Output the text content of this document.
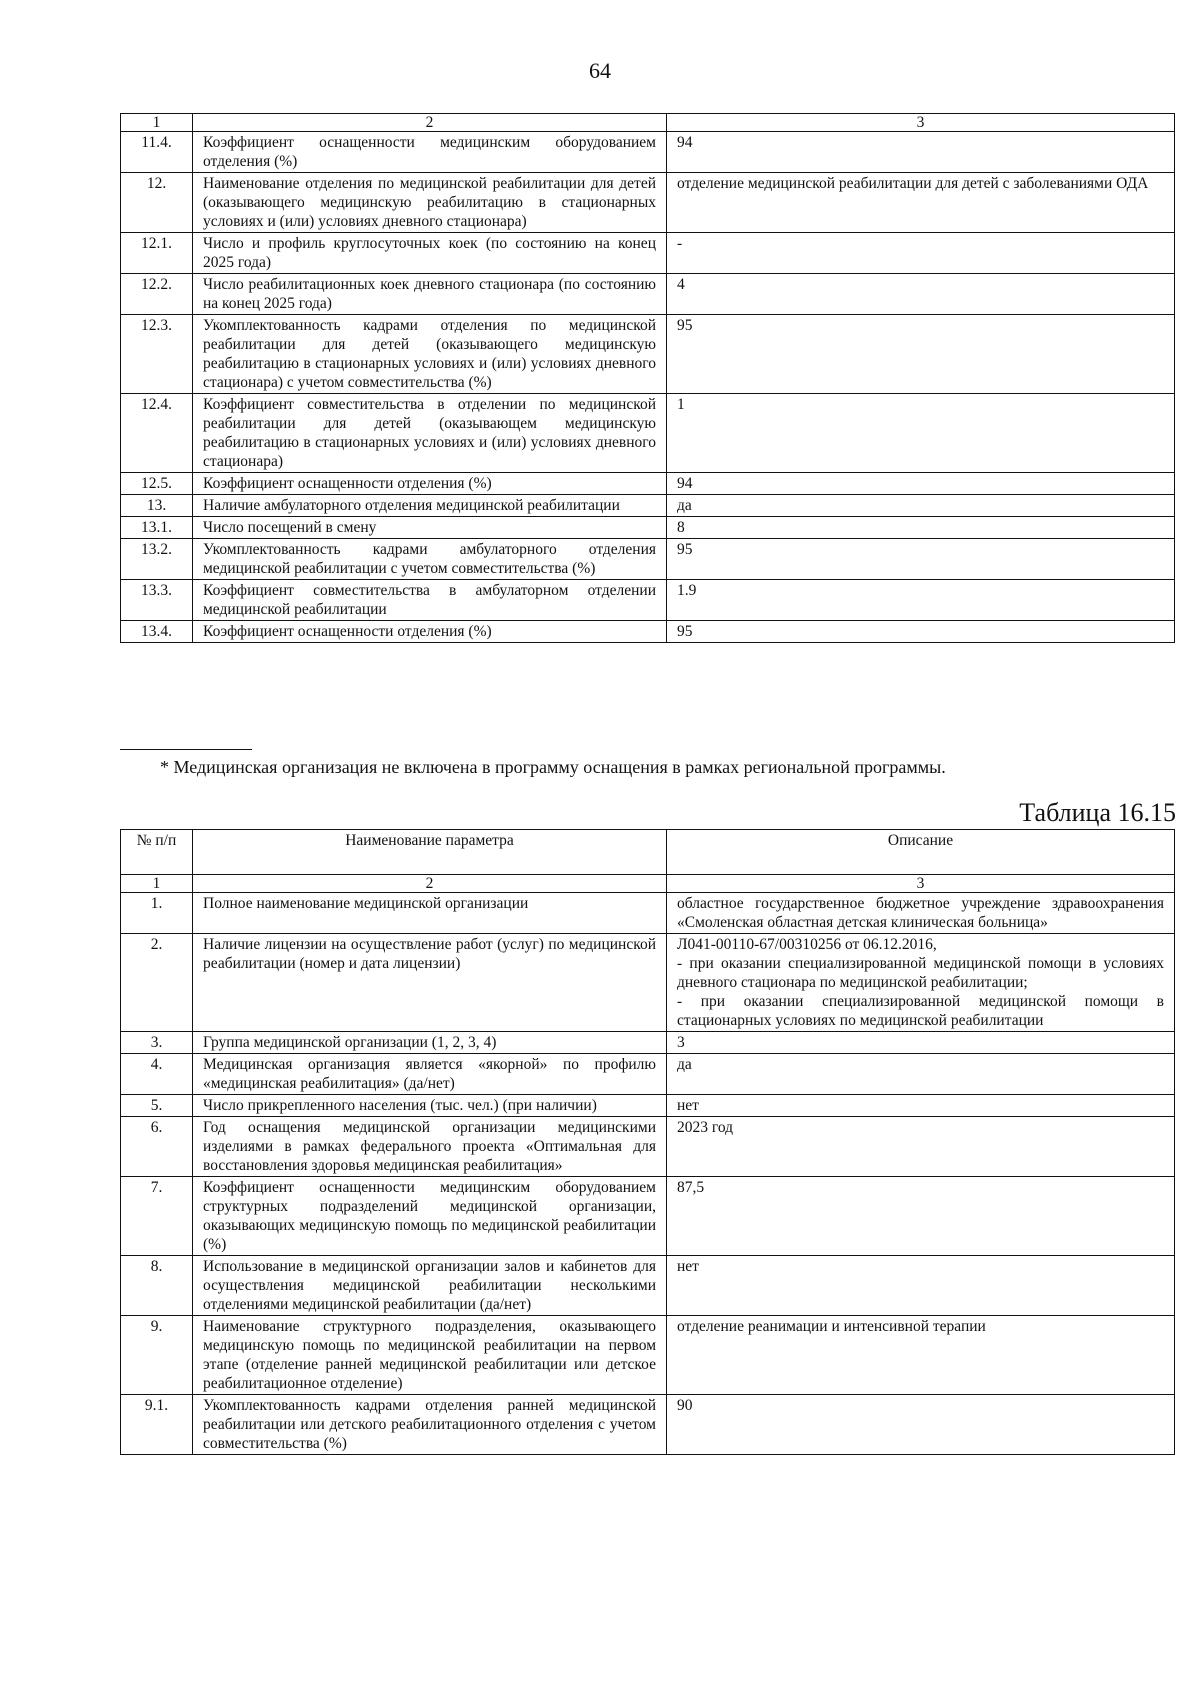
64
1	2	3
11.4.	Коэффициент оснащенности медицинским оборудованием отделения (%)	94
12.	Наименование отделения по медицинской реабилитации для детей (оказывающего медицинскую реабилитацию в стационарных условиях и (или) условиях дневного стационара)	отделение медицинской реабилитации для детей с заболеваниями ОДА
12.1.	Число и профиль круглосуточных коек (по состоянию на конец 2025 года)	-
12.2.	Число реабилитационных коек дневного стационара (по состоянию на конец 2025 года)	4
12.3.	Укомплектованность кадрами отделения по медицинской реабилитации для детей (оказывающего медицинскую реабилитацию в стационарных условиях и (или) условиях дневного стационара) с учетом совместительства (%)	95
12.4.	Коэффициент совместительства в отделении по медицинской реабилитации для детей (оказывающем медицинскую реабилитацию в стационарных условиях и (или) условиях дневного стационара)	1
12.5.	Коэффициент оснащенности отделения (%)	94
13.	Наличие амбулаторного отделения медицинской реабилитации	да
13.1.	Число посещений в смену	8
13.2.	Укомплектованность кадрами амбулаторного отделения медицинской реабилитации с учетом совместительства (%)	95
13.3.	Коэффициент совместительства в амбулаторном отделении медицинской реабилитации	1.9
13.4.	Коэффициент оснащенности отделения (%)	95
* Медицинская организация не включена в программу оснащения в рамках региональной программы.
Таблица 16.15
№ п/п	Наименование параметра	Описание
1	2	3
1.	Полное наименование медицинской организации	областное государственное бюджетное учреждение здравоохранения «Смоленская областная детская клиническая больница»
2.	Наличие лицензии на осуществление работ (услуг) по медицинской реабилитации (номер и дата лицензии)	Л041-00110-67/00310256 от 06.12.2016,
- при оказании специализированной медицинской помощи в условиях дневного стационара по медицинской реабилитации;
- при оказании специализированной медицинской помощи в стационарных условиях по медицинской реабилитации

3.	Группа медицинской организации (1, 2, 3, 4)	3
4.	Медицинская организация является «якорной» по профилю «медицинская реабилитация» (да/нет)	да
5.	Число прикрепленного населения (тыс. чел.) (при наличии)	нет
6.	Год оснащения медицинской организации медицинскими изделиями в рамках федерального проекта «Оптимальная для восстановления здоровья медицинская реабилитация»	2023 год
7.	Коэффициент оснащенности медицинским оборудованием структурных подразделений медицинской организации, оказывающих медицинскую помощь по медицинской реабилитации (%)	87,5
8.	Использование в медицинской организации залов и кабинетов для осуществления медицинской реабилитации несколькими отделениями медицинской реабилитации (да/нет)	нет
9.	Наименование структурного подразделения, оказывающего медицинскую помощь по медицинской реабилитации на первом этапе (отделение ранней медицинской реабилитации или детское реабилитационное отделение)	отделение реанимации и интенсивной терапии
9.1.	Укомплектованность кадрами отделения ранней медицинской реабилитации или детского реабилитационного отделения с учетом совместительства (%)	90
